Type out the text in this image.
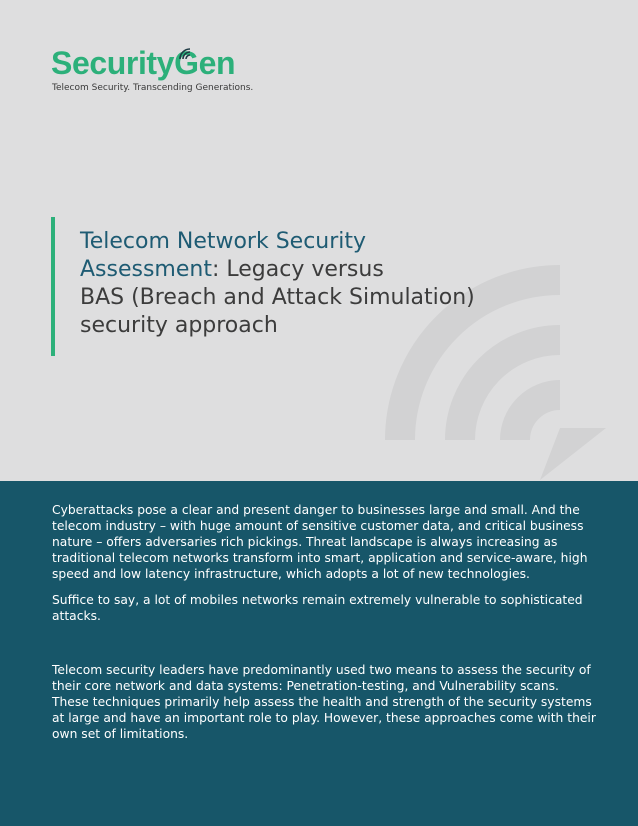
SecurityG
en
Telecom Security. Transcending Generations.
Telecom Network Security
Assessment: Legacy versus
BAS (Breach and Attack Simulation)
security approach

Cyberattacks pose a clear and present danger to businesses large and small. And the telecom industry – with huge amount of sensitive customer data, and critical business nature – offers adversaries rich pickings. Threat landscape is always increasing as traditional telecom networks transform into smart, application and service-aware, high speed and low latency infrastructure, which adopts a lot of new technologies.

Suffice to say, a lot of mobiles networks remain extremely vulnerable to sophisticated attacks.

Telecom security leaders have predominantly used two means to assess the security of their core network and data systems: Penetration-testing, and Vulnerability scans. These techniques primarily help assess the health and strength of the security systems at large and have an important role to play. However, these approaches come with their own set of limitations.
